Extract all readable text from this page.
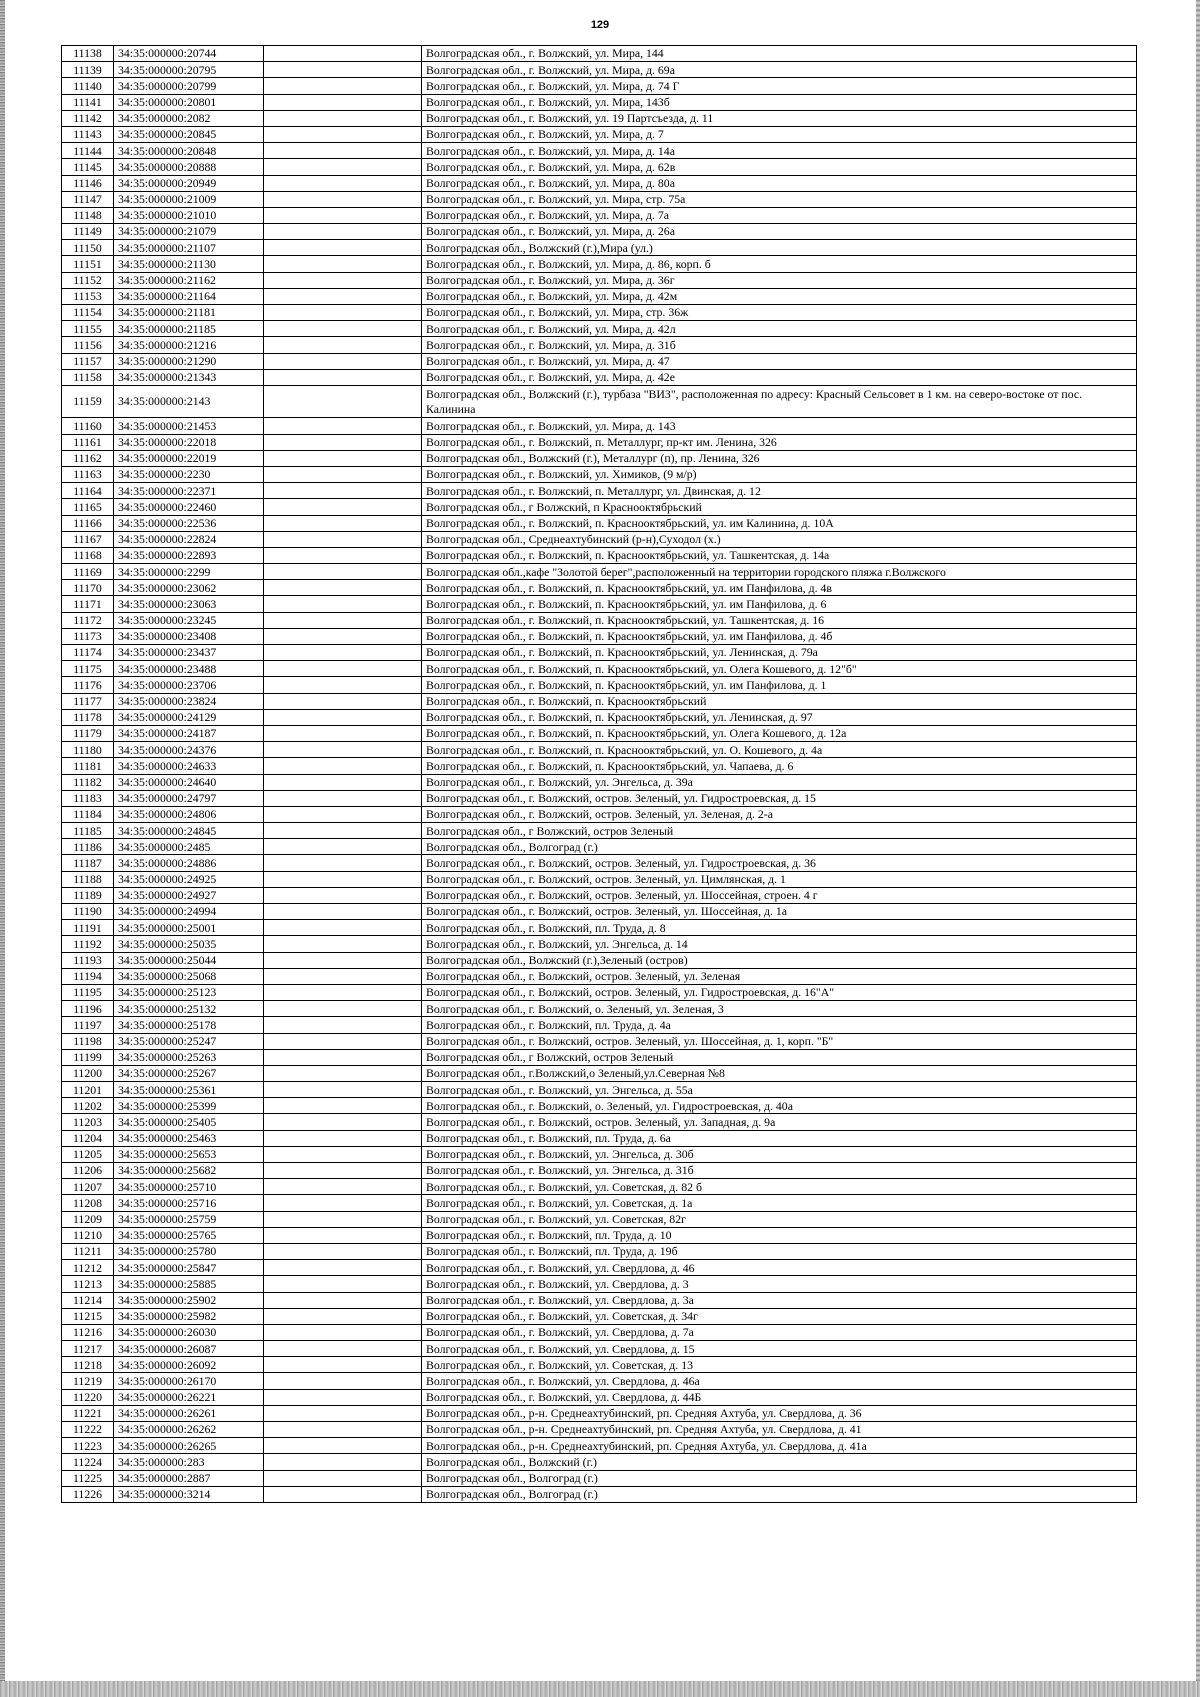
129
11138	34:35:000000:20744		Волгоградская обл., г. Волжский, ул. Мира, 144
11139	34:35:000000:20795		Волгоградская обл., г. Волжский, ул. Мира, д. 69а
11140	34:35:000000:20799		Волгоградская обл., г. Волжский, ул. Мира, д. 74 Г
11141	34:35:000000:20801		Волгоградская обл., г. Волжский, ул. Мира, 143б
11142	34:35:000000:2082		Волгоградская обл., г. Волжский, ул. 19 Партсъезда, д. 11
11143	34:35:000000:20845		Волгоградская обл., г. Волжский, ул. Мира, д. 7
11144	34:35:000000:20848		Волгоградская обл., г. Волжский, ул. Мира, д. 14а
11145	34:35:000000:20888		Волгоградская обл., г. Волжский, ул. Мира, д. 62в
11146	34:35:000000:20949		Волгоградская обл., г. Волжский, ул. Мира, д. 80а
11147	34:35:000000:21009		Волгоградская обл., г. Волжский, ул. Мира, стр. 75а
11148	34:35:000000:21010		Волгоградская обл., г. Волжский, ул. Мира, д. 7а
11149	34:35:000000:21079		Волгоградская обл., г. Волжский, ул. Мира, д. 26а
11150	34:35:000000:21107		Волгоградская обл., Волжский (г.),Мира (ул.)
11151	34:35:000000:21130		Волгоградская обл., г. Волжский, ул. Мира, д. 86, корп. б
11152	34:35:000000:21162		Волгоградская обл., г. Волжский, ул. Мира, д. 36г
11153	34:35:000000:21164		Волгоградская обл., г. Волжский, ул. Мира, д. 42м
11154	34:35:000000:21181		Волгоградская обл., г. Волжский, ул. Мира, стр. 36ж
11155	34:35:000000:21185		Волгоградская обл., г. Волжский, ул. Мира, д. 42л
11156	34:35:000000:21216		Волгоградская обл., г. Волжский, ул. Мира, д. 31б
11157	34:35:000000:21290		Волгоградская обл., г. Волжский, ул. Мира, д. 47
11158	34:35:000000:21343		Волгоградская обл., г. Волжский, ул. Мира, д. 42е
11159	34:35:000000:2143		Волгоградская обл., Волжский (г.), турбаза "ВИЗ", расположенная по адресу: Красный Сельсовет в 1 км. на северо-востоке от пос. Калинина
11160	34:35:000000:21453		Волгоградская обл., г. Волжский, ул. Мира, д. 143
11161	34:35:000000:22018		Волгоградская обл., г. Волжский, п. Металлург, пр-кт им. Ленина, 326
11162	34:35:000000:22019		Волгоградская обл., Волжский (г.), Металлург (п), пр. Ленина, 326
11163	34:35:000000:2230		Волгоградская обл., г. Волжский, ул. Химиков, (9 м/р)
11164	34:35:000000:22371		Волгоградская обл., г. Волжский, п. Металлург, ул. Двинская, д. 12
11165	34:35:000000:22460		Волгоградская обл., г Волжский, п Краснооктябрьский
11166	34:35:000000:22536		Волгоградская обл., г. Волжский, п. Краснооктябрьский, ул. им Калинина, д. 10А
11167	34:35:000000:22824		Волгоградская обл., Среднеахтубинский (р-н),Суходол (х.)
11168	34:35:000000:22893		Волгоградская обл., г. Волжский, п. Краснооктябрьский, ул. Ташкентская, д. 14а
11169	34:35:000000:2299		Волгоградская обл.,кафе "Золотой берег",расположенный на территории городского пляжа г.Волжского
11170	34:35:000000:23062		Волгоградская обл., г. Волжский, п. Краснооктябрьский, ул. им Панфилова, д. 4в
11171	34:35:000000:23063		Волгоградская обл., г. Волжский, п. Краснооктябрьский, ул. им Панфилова, д. 6
11172	34:35:000000:23245		Волгоградская обл., г. Волжский, п. Краснооктябрьский, ул. Ташкентская, д. 16
11173	34:35:000000:23408		Волгоградская обл., г. Волжский, п. Краснооктябрьский, ул. им Панфилова, д. 4б
11174	34:35:000000:23437		Волгоградская обл., г. Волжский, п. Краснооктябрьский, ул. Ленинская, д. 79а
11175	34:35:000000:23488		Волгоградская обл., г. Волжский, п. Краснооктябрьский, ул. Олега Кошевого, д. 12"б"
11176	34:35:000000:23706		Волгоградская обл., г. Волжский, п. Краснооктябрьский, ул. им Панфилова, д. 1
11177	34:35:000000:23824		Волгоградская обл., г. Волжский, п. Краснооктябрьский
11178	34:35:000000:24129		Волгоградская обл., г. Волжский, п. Краснооктябрьский, ул. Ленинская, д. 97
11179	34:35:000000:24187		Волгоградская обл., г. Волжский, п. Краснооктябрьский, ул. Олега Кошевого, д. 12а
11180	34:35:000000:24376		Волгоградская обл., г. Волжский, п. Краснооктябрьский, ул. О. Кошевого, д. 4а
11181	34:35:000000:24633		Волгоградская обл., г. Волжский, п. Краснооктябрьский, ул. Чапаева, д. 6
11182	34:35:000000:24640		Волгоградская обл., г. Волжский, ул. Энгельса, д. 39а
11183	34:35:000000:24797		Волгоградская обл., г. Волжский, остров. Зеленый, ул. Гидростроевская, д. 15
11184	34:35:000000:24806		Волгоградская обл., г. Волжский, остров. Зеленый, ул. Зеленая, д. 2-а
11185	34:35:000000:24845		Волгоградская обл., г Волжский, остров Зеленый
11186	34:35:000000:2485		Волгоградская обл., Волгоград (г.)
11187	34:35:000000:24886		Волгоградская обл., г. Волжский, остров. Зеленый, ул. Гидростроевская, д. 36
11188	34:35:000000:24925		Волгоградская обл., г. Волжский, остров. Зеленый, ул. Цимлянская, д. 1
11189	34:35:000000:24927		Волгоградская обл., г. Волжский, остров. Зеленый, ул. Шоссейная, строен. 4 г
11190	34:35:000000:24994		Волгоградская обл., г. Волжский, остров. Зеленый, ул. Шоссейная, д. 1а
11191	34:35:000000:25001		Волгоградская обл., г. Волжский, пл. Труда, д. 8
11192	34:35:000000:25035		Волгоградская обл., г. Волжский, ул. Энгельса, д. 14
11193	34:35:000000:25044		Волгоградская обл., Волжский (г.),Зеленый (остров)
11194	34:35:000000:25068		Волгоградская обл., г. Волжский, остров. Зеленый, ул. Зеленая
11195	34:35:000000:25123		Волгоградская обл., г. Волжский, остров. Зеленый, ул. Гидростроевская, д. 16"А"
11196	34:35:000000:25132		Волгоградская обл., г. Волжский, о. Зеленый, ул. Зеленая, 3
11197	34:35:000000:25178		Волгоградская обл., г. Волжский, пл. Труда, д. 4а
11198	34:35:000000:25247		Волгоградская обл., г. Волжский, остров. Зеленый, ул. Шоссейная, д. 1, корп. "Б"
11199	34:35:000000:25263		Волгоградская обл., г Волжский, остров Зеленый
11200	34:35:000000:25267		Волгоградская обл., г.Волжский,о Зеленый,ул.Северная №8
11201	34:35:000000:25361		Волгоградская обл., г. Волжский, ул. Энгельса, д. 55а
11202	34:35:000000:25399		Волгоградская обл., г. Волжский, о. Зеленый, ул. Гидростроевская, д. 40а
11203	34:35:000000:25405		Волгоградская обл., г. Волжский, остров. Зеленый, ул. Западная, д. 9а
11204	34:35:000000:25463		Волгоградская обл., г. Волжский, пл. Труда, д. 6а
11205	34:35:000000:25653		Волгоградская обл., г. Волжский, ул. Энгельса, д. 30б
11206	34:35:000000:25682		Волгоградская обл., г. Волжский, ул. Энгельса, д. 31б
11207	34:35:000000:25710		Волгоградская обл., г. Волжский, ул. Советская, д. 82 б
11208	34:35:000000:25716		Волгоградская обл., г. Волжский, ул. Советская, д. 1а
11209	34:35:000000:25759		Волгоградская обл., г. Волжский, ул. Советская, 82г
11210	34:35:000000:25765		Волгоградская обл., г. Волжский, пл. Труда, д. 10
11211	34:35:000000:25780		Волгоградская обл., г. Волжский, пл. Труда, д. 19б
11212	34:35:000000:25847		Волгоградская обл., г. Волжский, ул. Свердлова, д. 46
11213	34:35:000000:25885		Волгоградская обл., г. Волжский, ул. Свердлова, д. 3
11214	34:35:000000:25902		Волгоградская обл., г. Волжский, ул. Свердлова, д. 3а
11215	34:35:000000:25982		Волгоградская обл., г. Волжский, ул. Советская, д. 34г
11216	34:35:000000:26030		Волгоградская обл., г. Волжский, ул. Свердлова, д. 7а
11217	34:35:000000:26087		Волгоградская обл., г. Волжский, ул. Свердлова, д. 15
11218	34:35:000000:26092		Волгоградская обл., г. Волжский, ул. Советская, д. 13
11219	34:35:000000:26170		Волгоградская обл., г. Волжский, ул. Свердлова, д. 46а
11220	34:35:000000:26221		Волгоградская обл., г. Волжский, ул. Свердлова, д. 44Б
11221	34:35:000000:26261		Волгоградская обл., р-н. Среднеахтубинский, рп. Средняя Ахтуба, ул. Свердлова, д. 36
11222	34:35:000000:26262		Волгоградская обл., р-н. Среднеахтубинский, рп. Средняя Ахтуба, ул. Свердлова, д. 41
11223	34:35:000000:26265		Волгоградская обл., р-н. Среднеахтубинский, рп. Средняя Ахтуба, ул. Свердлова, д. 41а
11224	34:35:000000:283		Волгоградская обл., Волжский (г.)
11225	34:35:000000:2887		Волгоградская обл., Волгоград (г.)
11226	34:35:000000:3214		Волгоградская обл., Волгоград (г.)
